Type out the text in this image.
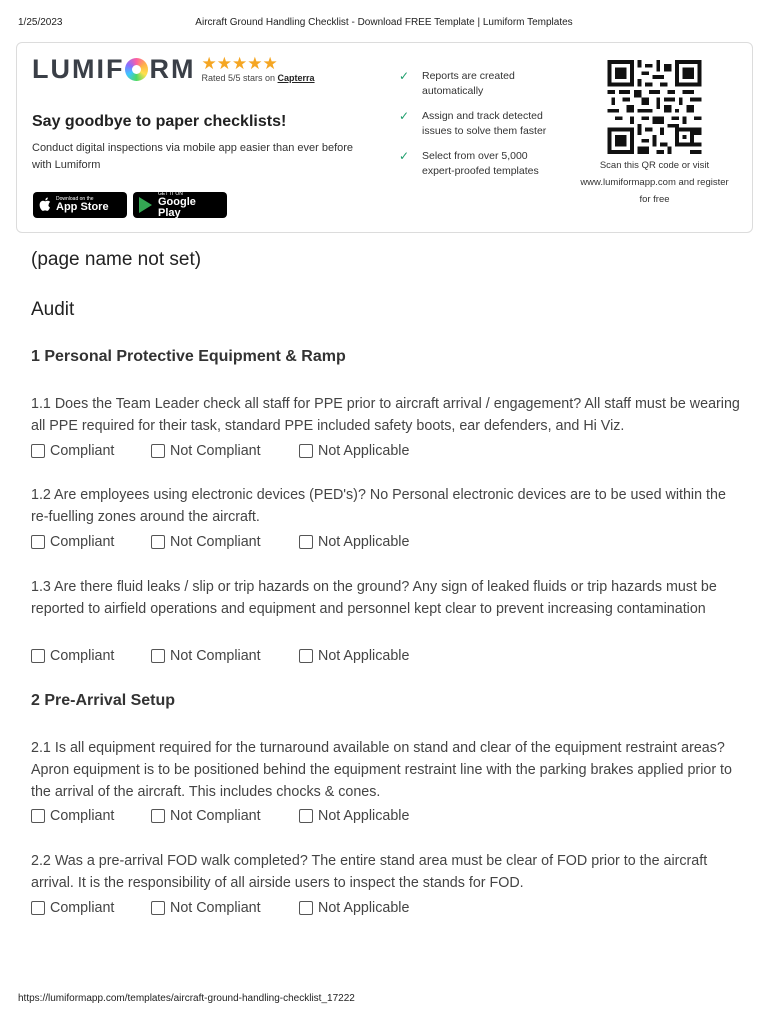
1/25/2023	Aircraft Ground Handling Checklist - Download FREE Template | Lumiform Templates
LUMIF RM ★★★★★
Rated 5/5 stars on Capterra
Say goodbye to paper checklists!
Conduct digital inspections via mobile app easier than ever before with Lumiform
Download on the
App Store
GET IT ON
Google Play
✓	Reports are created automatically
✓	Assign and track detected issues to solve them faster
✓	Select from over 5,000 expert-proofed templates	Scan this QR code or visit www.lumiformapp.com and register for free
(page name not set)
Audit
1 Personal Protective Equipment & Ramp
1.1 Does the Team Leader check all staff for PPE prior to aircraft arrival / engagement? All staff must be wearing all PPE required for their task, standard PPE included safety boots, ear defenders, and Hi Viz.
Compliant	Not Compliant	Not Applicable
1.2 Are employees using electronic devices (PED's)? No Personal electronic devices are to be used within the re-fuelling zones around the aircraft.
Compliant	Not Compliant	Not Applicable
1.3 Are there fluid leaks / slip or trip hazards on the ground? Any sign of leaked fluids or trip hazards must be reported to airfield operations and equipment and personnel kept clear to prevent increasing contamination
Compliant	Not Compliant	Not Applicable
2 Pre-Arrival Setup
2.1 Is all equipment required for the turnaround available on stand and clear of the equipment restraint areas? Apron equipment is to be positioned behind the equipment restraint line with the parking brakes applied prior to the arrival of the aircraft. This includes chocks & cones.
Compliant	Not Compliant	Not Applicable
2.2 Was a pre-arrival FOD walk completed? The entire stand area must be clear of FOD prior to the aircraft arrival. It is the responsibility of all airside users to inspect the stands for FOD.
Compliant	Not Compliant	Not Applicable
https://lumiformapp.com/templates/aircraft-ground-handling-checklist_17222
